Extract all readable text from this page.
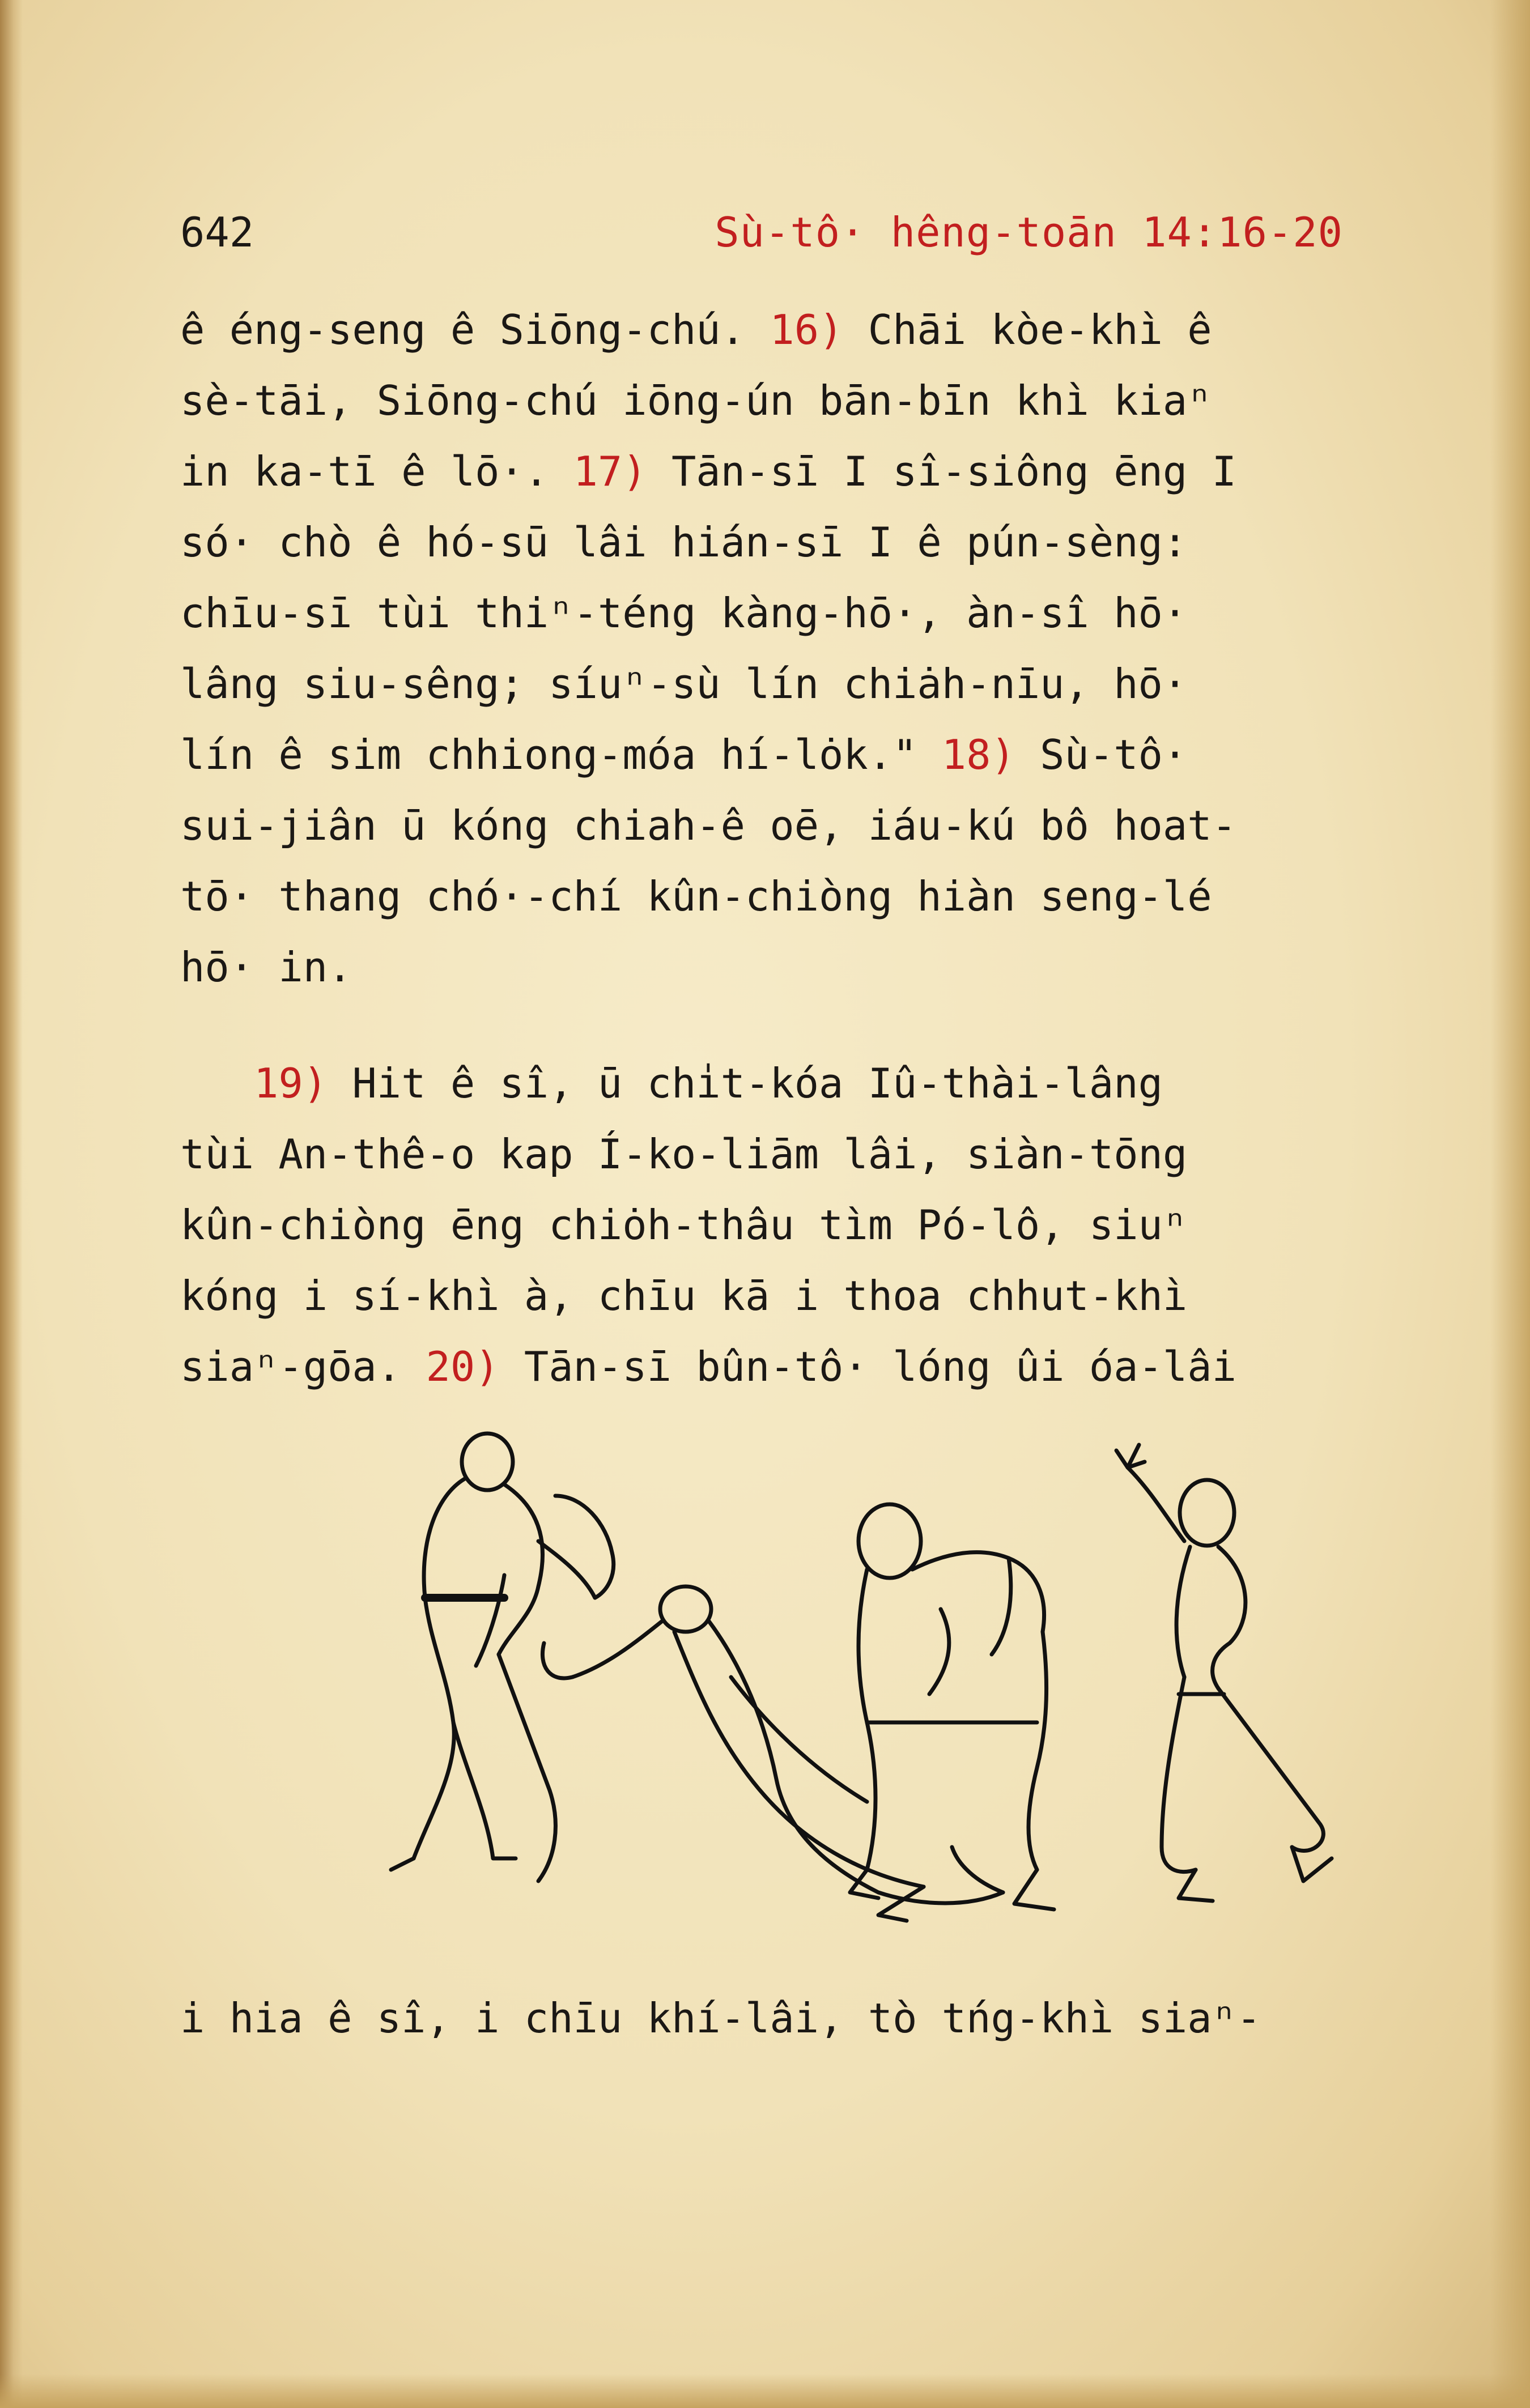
642	Sù-tô· hêng-toān 14:16-20
ê éng-seng ê Siōng-chú. 16) Chāi kòe-khì ê
sè-tāi, Siōng-chú iōng-ún bān-bīn khì kiaⁿ
in ka-tī ê lō·. 17) Tān-sī I sî-siông ēng I
só· chò ê hó-sū lâi hián-sī I ê pún-sèng:
chīu-sī tùi thiⁿ-téng kàng-hō·, àn-sî hō·
lâng siu-sêng; síuⁿ-sù lín chiȧh-nīu, hō·
lín ê sim chhiong-móa hí-lȯk." 18) Sù-tô·
sui-jiân ū kóng chiah-ê oē, iáu-kú bô hoat-
tō· thang chó·-chí kûn-chiòng hiàn seng-lé
hō· in.
19) Hit ê sî, ū chi̍t-kóa Iû-thài-lâng
tùi An-thê-o kap Í-ko-liām lâi, siàn-tōng
kûn-chiòng ēng chiȯh-thâu tìm Pó-lô, siuⁿ
kóng i sí-khì à, chīu kā i thoa chhut-khì
siaⁿ-gōa. 20) Tān-sī bûn-tô· lóng ûi óa-lâi
i hia ê sî, i chīu khí-lâi, tò tńg-khì siaⁿ-
